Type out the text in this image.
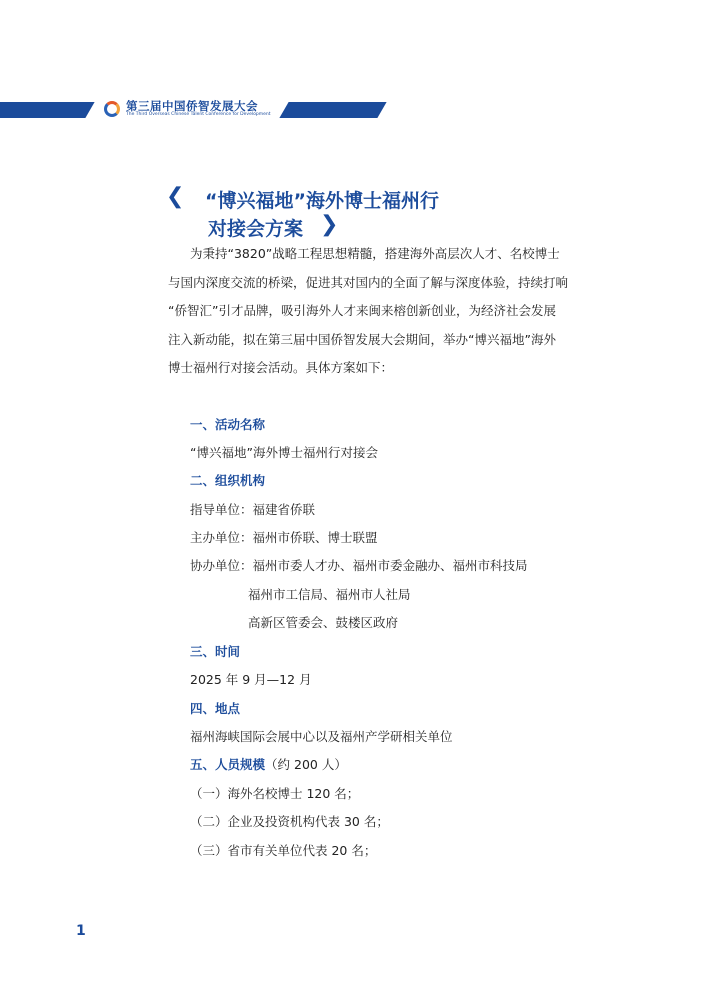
第三届中国侨智发展大会
The Third Overseas Chinese Talent Conference for Development
❮ “博兴福地”海外博士福州行
对接会方案 ❯
为秉持“3820”战略工程思想精髓，搭建海外高层次人才、名校博士
与国内深度交流的桥梁，促进其对国内的全面了解与深度体验，持续打响
“侨智汇”引才品牌，吸引海外人才来闽来榕创新创业，为经济社会发展
注入新动能，拟在第三届中国侨智发展大会期间，举办“博兴福地”海外
博士福州行对接会活动。具体方案如下：
一、活动名称
“博兴福地”海外博士福州行对接会
二、组织机构
指导单位：福建省侨联
主办单位：福州市侨联、博士联盟
协办单位：福州市委人才办、福州市委金融办、福州市科技局
福州市工信局、福州市人社局
高新区管委会、鼓楼区政府
三、时间
2025 年 9 月—12 月
四、地点
福州海峡国际会展中心以及福州产学研相关单位
五、人员规模（约 200 人）
（一）海外名校博士 120 名；
（二）企业及投资机构代表 30 名；
（三）省市有关单位代表 20 名；
1
